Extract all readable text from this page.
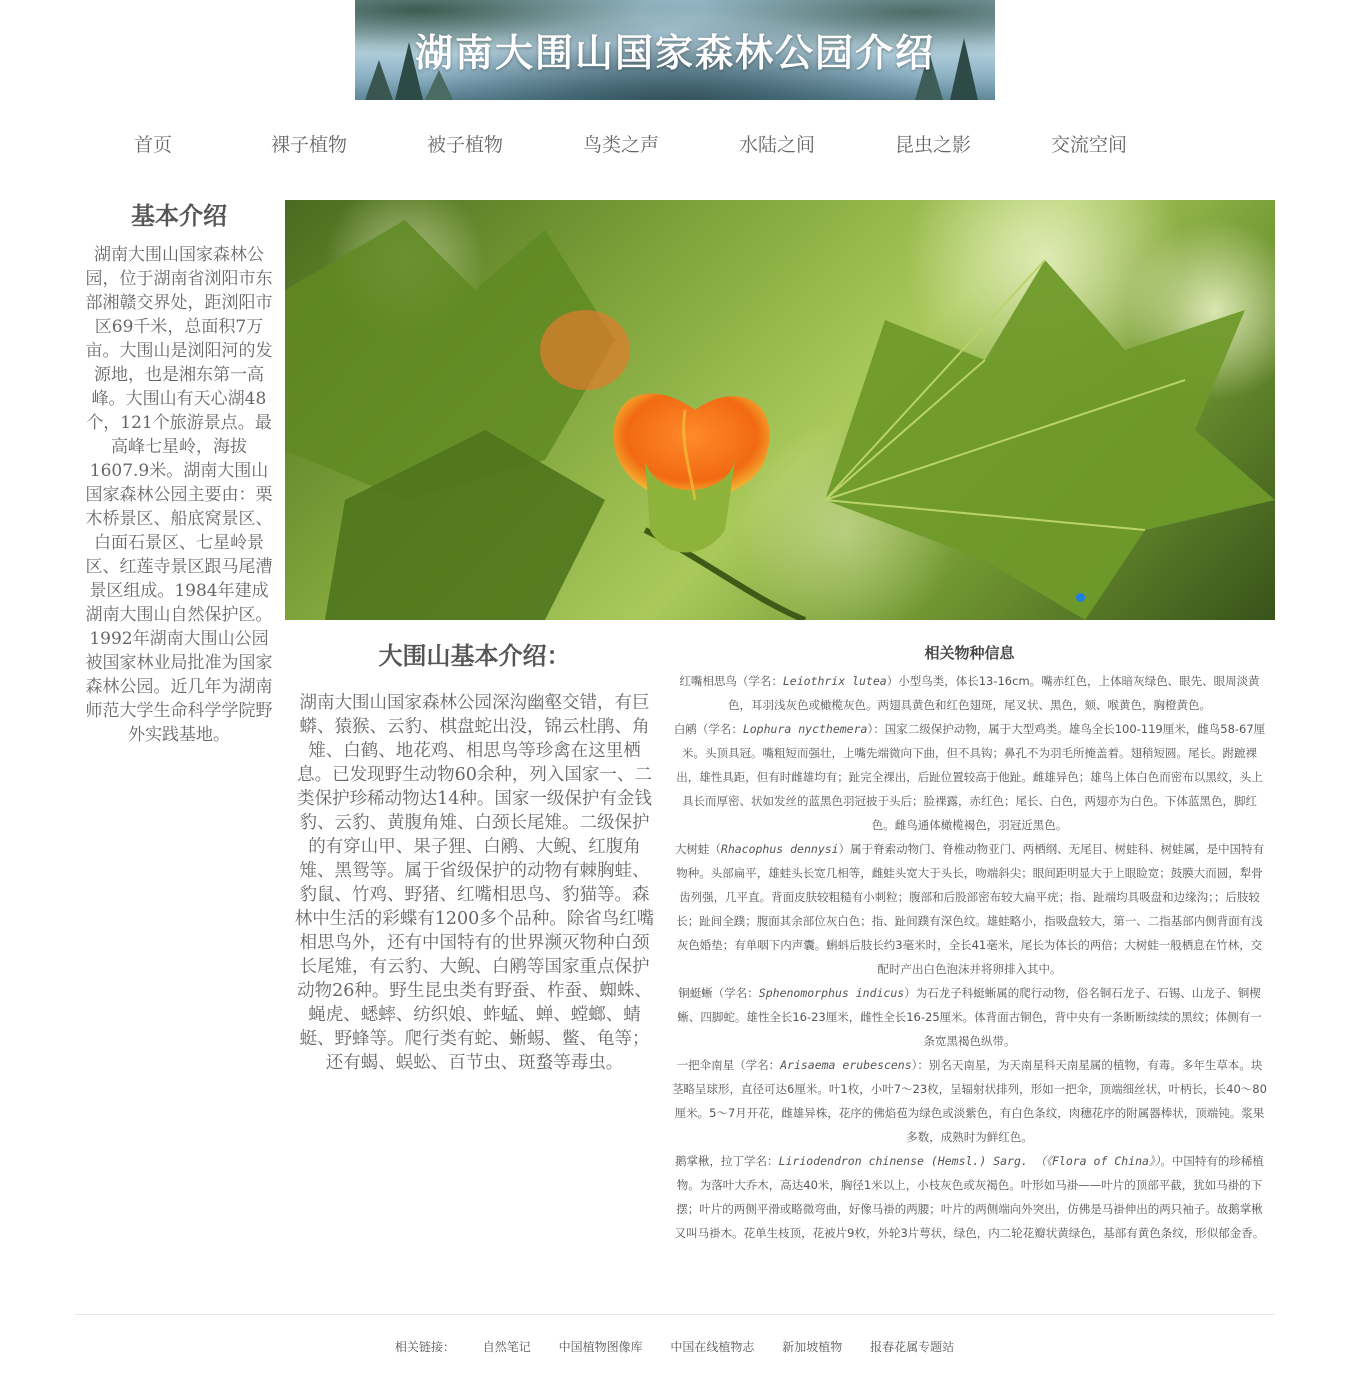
湖南大围山国家森林公园介绍
首页	裸子植物	被子植物	鸟类之声	水陆之间	昆虫之影	交流空间
基本介绍

湖南大围山国家森林公园，位于湖南省浏阳市东部湘赣交界处，距浏阳市区69千米，总面积7万亩。大围山是浏阳河的发源地，也是湘东第一高峰。大围山有天心湖48个，121个旅游景点。最高峰七星岭，海拔1607.9米。湖南大围山国家森林公园主要由：栗木桥景区、船底窝景区、白面石景区、七星岭景区、红莲寺景区跟马尾漕景区组成。1984年建成湖南大围山自然保护区。1992年湖南大围山公园被国家林业局批准为国家森林公园。近几年为湖南师范大学生命科学学院野外实践基地。

大围山基本介绍：

湖南大围山国家森林公园深沟幽壑交错，有巨蟒、猿猴、云豹、棋盘蛇出没，锦云杜鹃、角雉、白鹤、地花鸡、相思鸟等珍禽在这里栖息。已发现野生动物60余种，列入国家一、二类保护珍稀动物达14种。国家一级保护有金钱豹、云豹、黄腹角雉、白颈长尾雉。二级保护的有穿山甲、果子狸、白鹇、大鲵、红腹角雉、黑鸳等。属于省级保护的动物有棘胸蛙、豹鼠、竹鸡、野猪、红嘴相思鸟、豹猫等。森林中生活的彩蝶有1200多个品种。除省鸟红嘴相思鸟外，还有中国特有的世界濒灭物种白颈长尾雉，有云豹、大鲵、白鹇等国家重点保护动物26种。野生昆虫类有野蚕、柞蚕、蜘蛛、蝇虎、蟋蟀、纺织娘、蚱蜢、蝉、螳螂、蜻蜓、野蜂等。爬行类有蛇、蜥蜴、鳖、龟等；还有蝎、蜈蚣、百节虫、斑蝥等毒虫。

相关物种信息

红嘴相思鸟（学名：Leiothrix lutea）小型鸟类，体长13-16cm。嘴赤红色，上体暗灰绿色、眼先、眼周淡黄色，耳羽浅灰色或橄榄灰色。两翅具黄色和红色翅斑，尾叉状、黑色，颏、喉黄色，胸橙黄色。

白鹇（学名：Lophura nycthemera）：国家二级保护动物，属于大型鸡类。雄鸟全长100-119厘米，雌鸟58-67厘米。头顶具冠。嘴粗短而强壮，上嘴先端微向下曲，但不具钩；鼻孔不为羽毛所掩盖着。翅稍短圆。尾长。跗蹠裸出，雄性具距，但有时雌雄均有；趾完全裸出，后趾位置较高于他趾。雌雄异色；雄鸟上体白色而密布以黑纹，头上具长而厚密、状如发丝的蓝黑色羽冠披于头后；脸裸露，赤红色；尾长、白色，两翅亦为白色。下体蓝黑色，脚红色。雌鸟通体橄榄褐色，羽冠近黑色。

大树蛙（Rhacophus dennysi）属于脊索动物门、脊椎动物亚门、两栖纲、无尾目、树蛙科、树蛙属，是中国特有物种。头部扁平，雄蛙头长宽几相等，雌蛙头宽大于头长，吻端斜尖；眼间距明显大于上眼睑宽；鼓膜大而圆，犁骨齿列强，几平直。背面皮肤较粗糙有小刺粒；腹部和后股部密布较大扁平疣；指、趾端均具吸盘和边缘沟；；后肢较长；趾间全蹼；腹面其余部位灰白色；指、趾间蹼有深色纹。雄蛙略小，指吸盘较大，第一、二指基部内侧背面有浅灰色婚垫；有单咽下内声囊。蝌蚪后肢长约3毫米时，全长41毫米，尾长为体长的两倍；大树蛙一般栖息在竹林，交配时产出白色泡沫并将卵排入其中。

铜蜓蜥（学名：Sphenomorphus indicus）为石龙子科蜓蜥属的爬行动物，俗名铜石龙子、石锡、山龙子、铜楔蜥、四脚蛇。雄性全长16-23厘米，雌性全长16-25厘米。体背面古铜色，背中央有一条断断续续的黑纹；体侧有一条宽黑褐色纵带。

一把伞南星（学名：Arisaema erubescens）：别名天南星，为天南星科天南星属的植物，有毒。多年生草本。块茎略呈球形，直径可达6厘米。叶1枚，小叶7～23枚，呈辐射状排列，形如一把伞，顶端细丝状，叶柄长，长40～80厘米。5～7月开花，雌雄异株，花序的佛焰苞为绿色或淡紫色，有白色条纹，肉穗花序的附属器棒状，顶端钝。浆果多数，成熟时为鲜红色。

鹅掌楸，拉丁学名：Liriodendron chinense (Hemsl.) Sarg. （《Flora of China》）。中国特有的珍稀植物。为落叶大乔木，高达40米，胸径1米以上，小枝灰色或灰褐色。叶形如马褂——叶片的顶部平截，犹如马褂的下摆；叶片的两侧平滑或略微弯曲，好像马褂的两腰；叶片的两侧端向外突出，仿佛是马褂伸出的两只袖子。故鹅掌楸又叫马褂木。花单生枝顶，花被片9枚，外轮3片萼状，绿色，内二轮花瓣状黄绿色，基部有黄色条纹，形似郁金香。

相关链接： 自然笔记 中国植物图像库 中国在线植物志 新加坡植物 报春花属专题站
